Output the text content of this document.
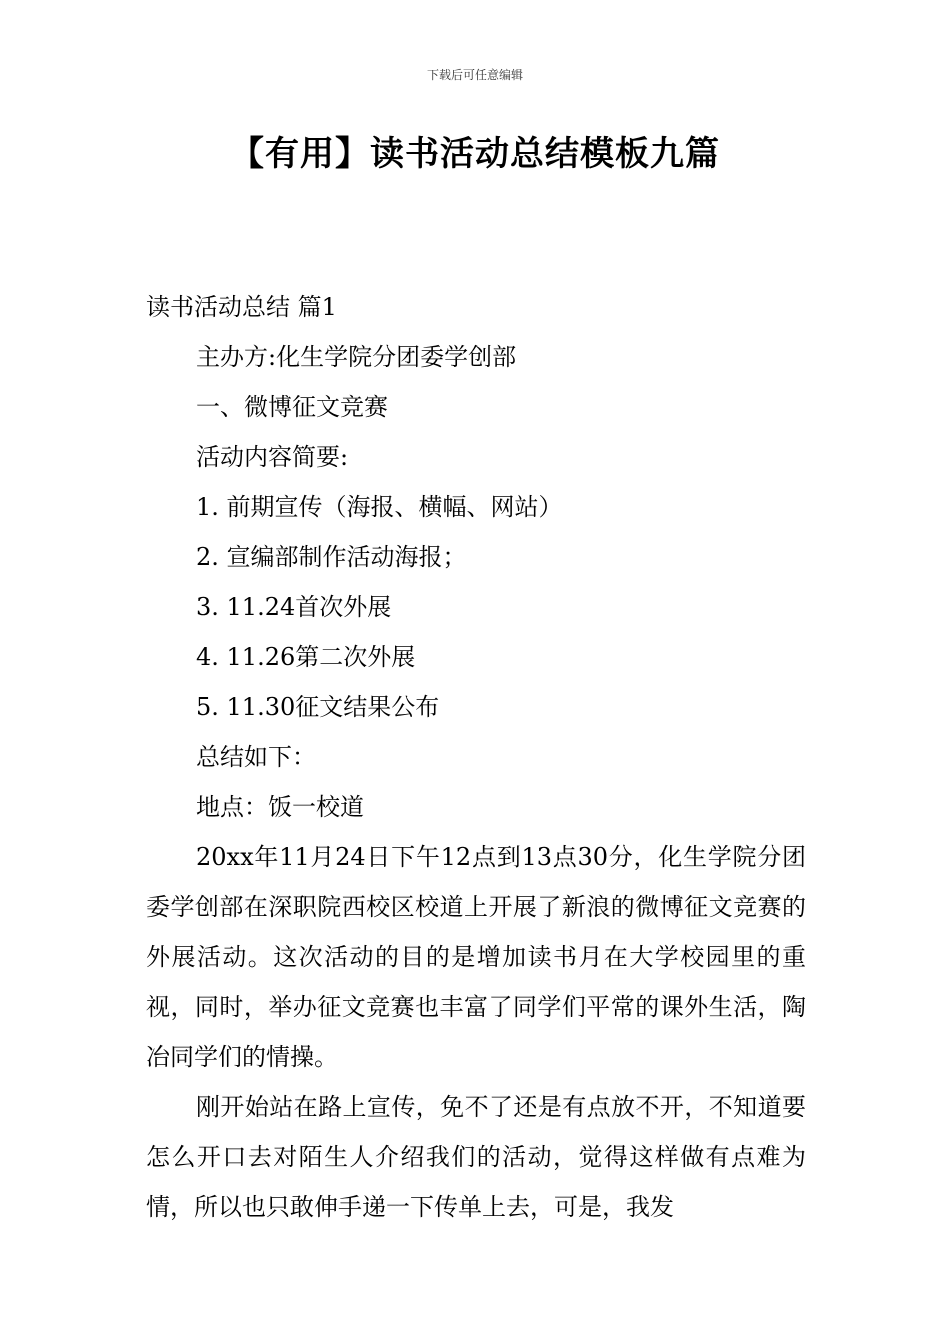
下载后可任意编辑
【有用】读书活动总结模板九篇
读书活动总结 篇1
主办方:化生学院分团委学创部
一、微博征文竞赛
活动内容简要:
1. 前期宣传（海报、横幅、网站）
2. 宣编部制作活动海报；
3. 11.24首次外展
4. 11.26第二次外展
5. 11.30征文结果公布
总结如下：
地点：饭一校道
20xx年11月24日下午12点到13点30分，化生学院分团委学创部在深职院西校区校道上开展了新浪的微博征文竞赛的外展活动。这次活动的目的是增加读书月在大学校园里的重视，同时，举办征文竞赛也丰富了同学们平常的课外生活，陶冶同学们的情操。
刚开始站在路上宣传，免不了还是有点放不开，不知道要怎么开口去对陌生人介绍我们的活动，觉得这样做有点难为情，所以也只敢伸手递一下传单上去，可是，我发
